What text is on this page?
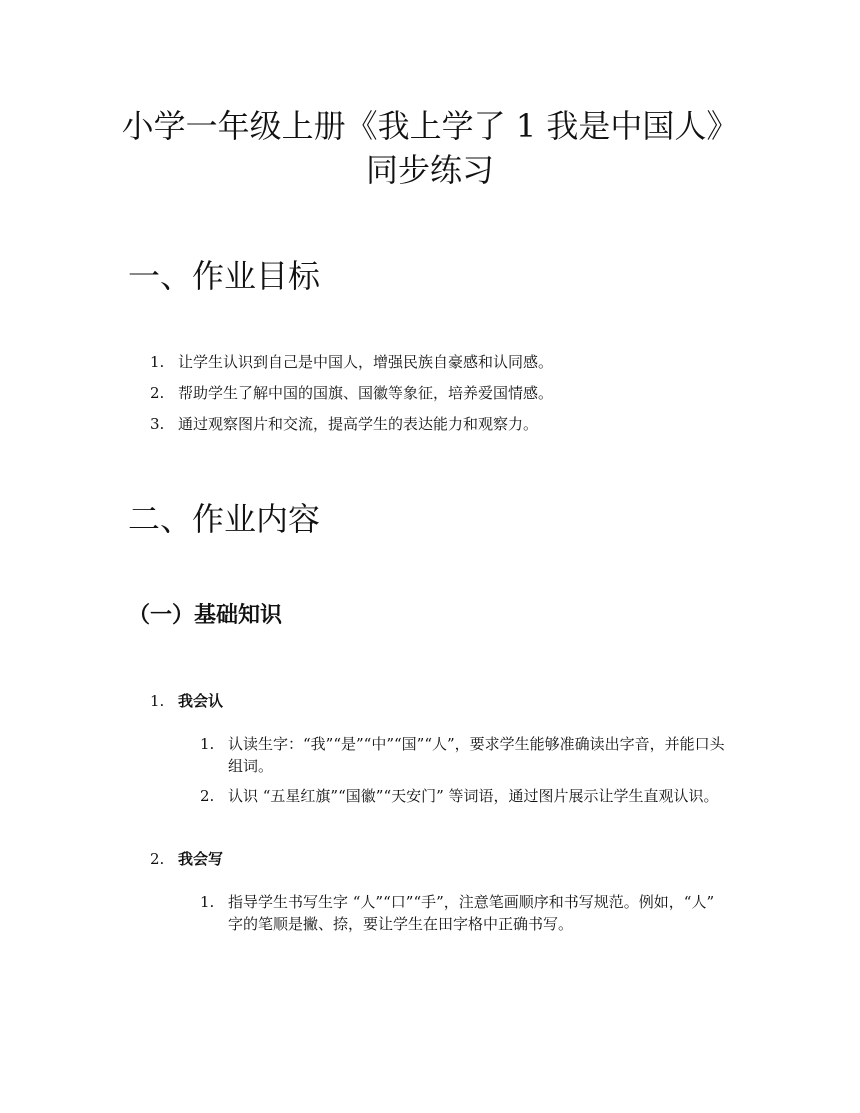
小学一年级上册《我上学了 1 我是中国人》同步练习
一、作业目标
1. 让学生认识到自己是中国人，增强民族自豪感和认同感。
2. 帮助学生了解中国的国旗、国徽等象征，培养爱国情感。
3. 通过观察图片和交流，提高学生的表达能力和观察力。
二、作业内容
（一）基础知识
1. 我会认
1. 认读生字：“我”“是”“中”“国”“人”，要求学生能够准确读出字音，并能口头组词。
2. 认识 “五星红旗”“国徽”“天安门” 等词语，通过图片展示让学生直观认识。
2. 我会写
1. 指导学生书写生字 “人”“口”“手”，注意笔画顺序和书写规范。例如，“人” 字的笔顺是撇、捺，要让学生在田字格中正确书写。
